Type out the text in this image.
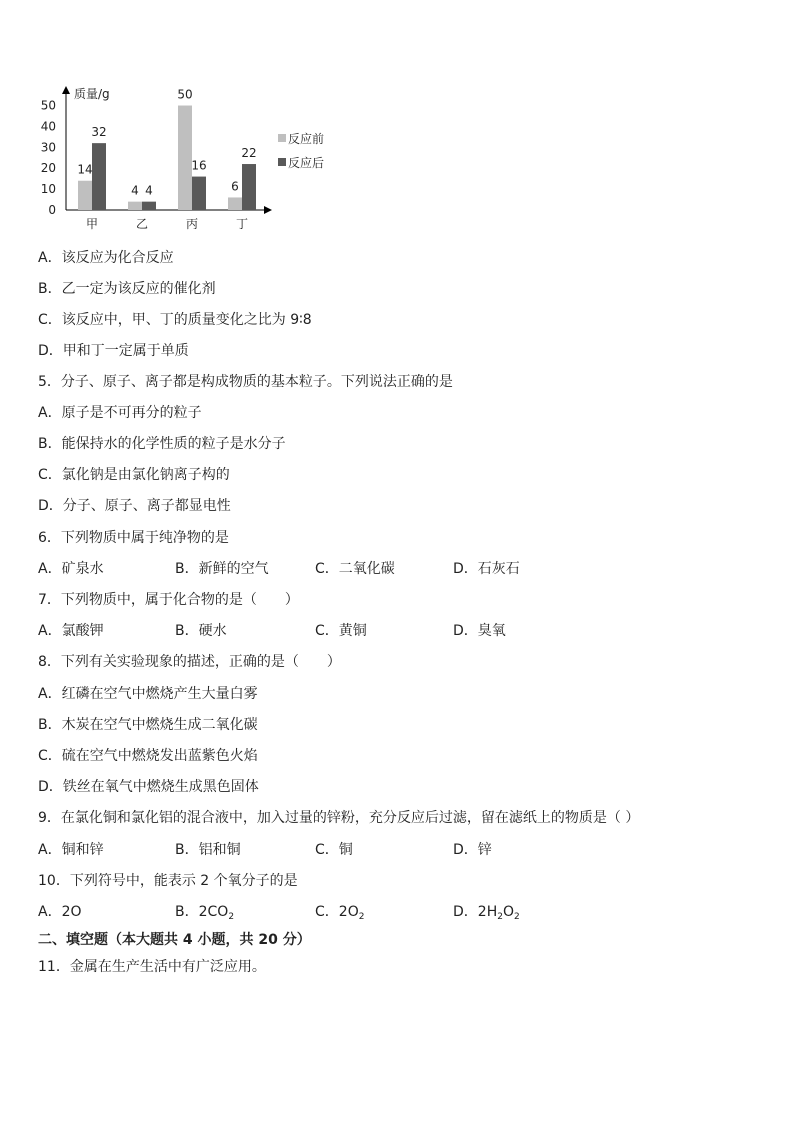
质量/g
0
10
20
30
40
50
14
32
4 4
50
16
6
22
甲	乙	丙	丁
反应前
反应后
A．该反应为化合反应
B．乙一定为该反应的催化剂
C．该反应中，甲、丁的质量变化之比为 9∶8
D．甲和丁一定属于单质
5．分子、原子、离子都是构成物质的基本粒子。下列说法正确的是
A．原子是不可再分的粒子
B．能保持水的化学性质的粒子是水分子
C．氯化钠是由氯化钠离子构的
D．分子、原子、离子都显电性
6．下列物质中属于纯净物的是
A．矿泉水	B．新鲜的空气	C．二氧化碳	D．石灰石
7．下列物质中，属于化合物的是（　　）
A．氯酸钾	B．硬水	C．黄铜	D．臭氧
8．下列有关实验现象的描述，正确的是（　　）
A．红磷在空气中燃烧产生大量白雾
B．木炭在空气中燃烧生成二氧化碳
C．硫在空气中燃烧发出蓝紫色火焰
D．铁丝在氧气中燃烧生成黑色固体
9．在氯化铜和氯化铝的混合液中，加入过量的锌粉，充分反应后过滤，留在滤纸上的物质是（ ）
A．铜和锌	B．铝和铜	C．铜	D．锌
10．下列符号中，能表示 2 个氧分子的是
A．2O	B．$2CO_2$	C．$2O_2$	D．$2H_2O_2$
二、填空题（本大题共 4 小题，共 20 分）
11．金属在生产生活中有广泛应用。
